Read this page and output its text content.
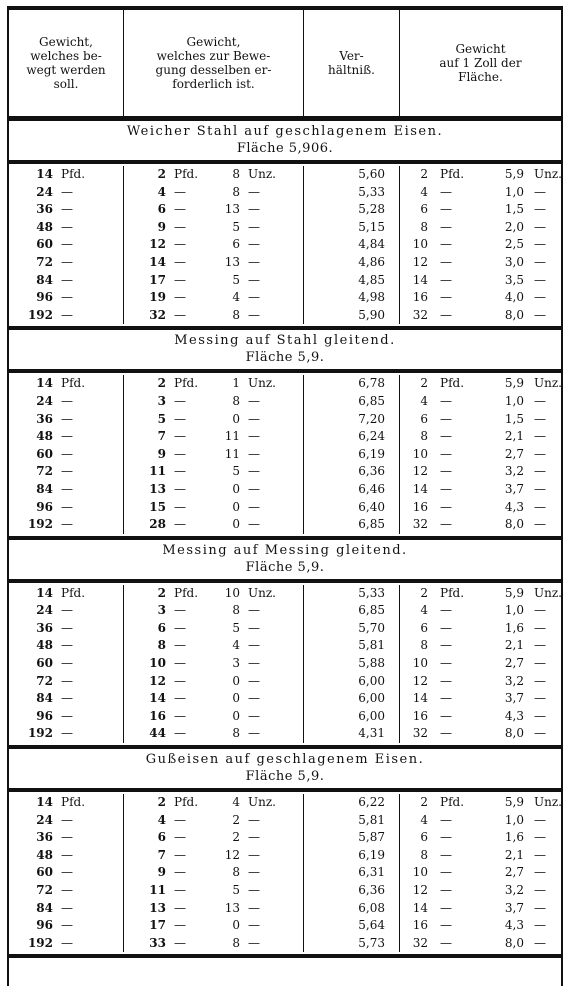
Gewicht,
welches be-
wegt werden
soll.
Gewicht,
welches zur Bewe-
gung desselben er-
forderlich ist.
Ver-
hältniß.
Gewicht
auf 1 Zoll der
Fläche.
Weicher Stahl auf geschlagenem Eisen.
Fläche 5,906.
14 Pfd.	2 Pfd.	8 Unz.	5,60	2	Pfd.	5,9 Unz.
24 —	4 —	8 —	5,33	4	—	1,0 —
36 —	6 —	13 —	5,28	6	—	1,5 —
48 —	9 —	5 —	5,15	8	—	2,0 —
60 —	12 —	6 —	4,84	10	—	2,5 —
72 —	14 —	13 —	4,86	12	—	3,0 —
84 —	17 —	5 —	4,85	14	—	3,5 —
96 —	19 —	4 —	4,98	16	—	4,0 —
192 —	32 —	8 —	5,90	32	—	8,0 —
Messing auf Stahl gleitend.
Fläche 5,9.
14 Pfd.	2 Pfd.	1 Unz.	6,78	2	Pfd.	5,9 Unz.
24 —	3 —	8 —	6,85	4	—	1,0 —
36 —	5 —	0 —	7,20	6	—	1,5 —
48 —	7 —	11 —	6,24	8	—	2,1 —
60 —	9 —	11 —	6,19	10	—	2,7 —
72 —	11 —	5 —	6,36	12	—	3,2 —
84 —	13 —	0 —	6,46	14	—	3,7 —
96 —	15 —	0 —	6,40	16	—	4,3 —
192 —	28 —	0 —	6,85	32	—	8,0 —
Messing auf Messing gleitend.
Fläche 5,9.
14 Pfd.	2 Pfd.	10 Unz.	5,33	2	Pfd.	5,9 Unz.
24 —	3 —	8 —	6,85	4	—	1,0 —
36 —	6 —	5 —	5,70	6	—	1,6 —
48 —	8 —	4 —	5,81	8	—	2,1 —
60 —	10 —	3 —	5,88	10	—	2,7 —
72 —	12 —	0 —	6,00	12	—	3,2 —
84 —	14 —	0 —	6,00	14	—	3,7 —
96 —	16 —	0 —	6,00	16	—	4,3 —
192 —	44 —	8 —	4,31	32	—	8,0 —
Gußeisen auf geschlagenem Eisen.
Fläche 5,9.
14 Pfd.	2 Pfd.	4 Unz.	6,22	2	Pfd.	5,9 Unz.
24 —	4 —	2 —	5,81	4	—	1,0 —
36 —	6 —	2 —	5,87	6	—	1,6 —
48 —	7 —	12 —	6,19	8	—	2,1 —
60 —	9 —	8 —	6,31	10	—	2,7 —
72 —	11 —	5 —	6,36	12	—	3,2 —
84 —	13 —	13 —	6,08	14	—	3,7 —
96 —	17 —	0 —	5,64	16	—	4,3 —
192 —	33 —	8 —	5,73	32	—	8,0 —
